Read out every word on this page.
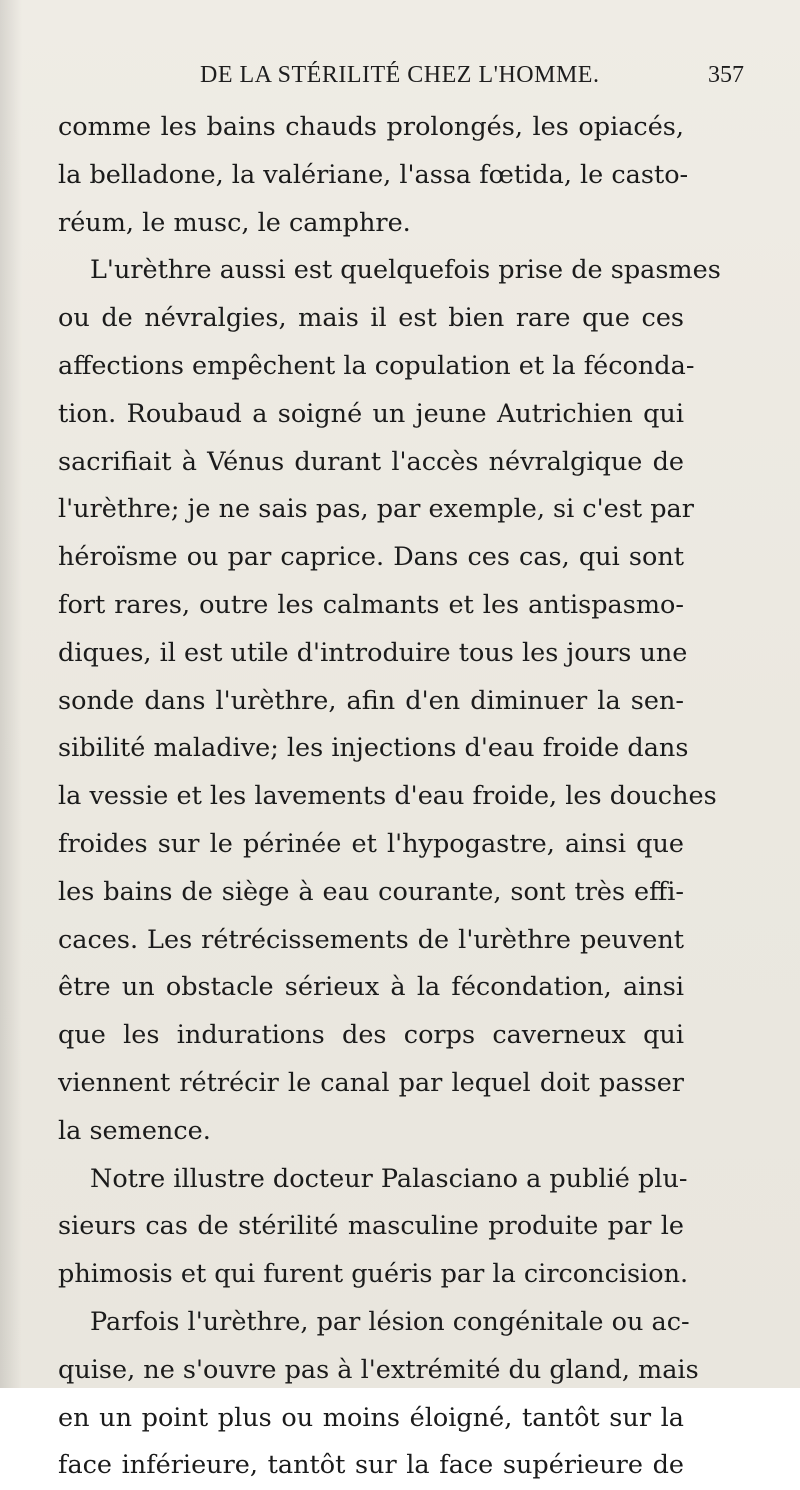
DE LA STÉRILITÉ CHEZ L'HOMME.	357
comme les bains chauds prolongés, les opiacés,
la belladone, la valériane, l'assa fœtida, le casto-
réum, le musc, le camphre.
L'urèthre aussi est quelquefois prise de spasmes
ou de névralgies, mais il est bien rare que ces
affections empêchent la copulation et la féconda-
tion. Roubaud a soigné un jeune Autrichien qui
sacrifiait à Vénus durant l'accès névralgique de
l'urèthre; je ne sais pas, par exemple, si c'est par
héroïsme ou par caprice. Dans ces cas, qui sont
fort rares, outre les calmants et les antispasmo-
diques, il est utile d'introduire tous les jours une
sonde dans l'urèthre, afin d'en diminuer la sen-
sibilité maladive; les injections d'eau froide dans
la vessie et les lavements d'eau froide, les douches
froides sur le périnée et l'hypogastre, ainsi que
les bains de siège à eau courante, sont très effi-
caces. Les rétrécissements de l'urèthre peuvent
être un obstacle sérieux à la fécondation, ainsi
que les indurations des corps caverneux qui
viennent rétrécir le canal par lequel doit passer
la semence.
Notre illustre docteur Palasciano a publié plu-
sieurs cas de stérilité masculine produite par le
phimosis et qui furent guéris par la circoncision.
Parfois l'urèthre, par lésion congénitale ou ac-
quise, ne s'ouvre pas à l'extrémité du gland, mais
en un point plus ou moins éloigné, tantôt sur la
face inférieure, tantôt sur la face supérieure de
